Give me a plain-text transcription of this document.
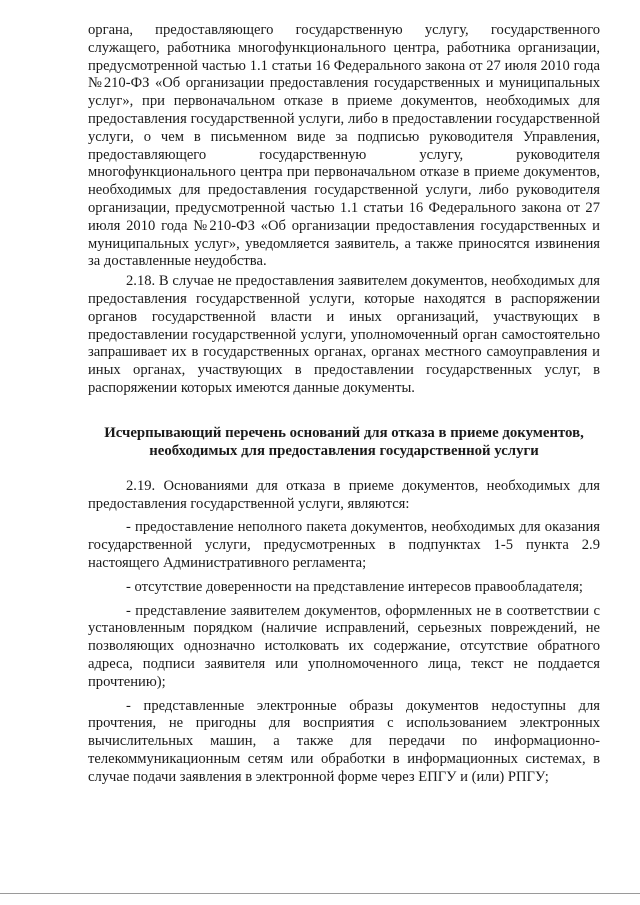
органа, предоставляющего государственную услугу, государственного служащего, работника многофункционального центра, работника организации, предусмотренной частью 1.1 статьи 16 Федерального закона от 27 июля 2010 года №210-ФЗ «Об организации предоставления государственных и муниципальных услуг», при первоначальном отказе в приеме документов, необходимых для предоставления государственной услуги, либо в предоставлении государственной услуги, о чем в письменном виде за подписью руководителя Управления, предоставляющего государственную услугу, руководителя многофункционального центра при первоначальном отказе в приеме документов, необходимых для предоставления государственной услуги, либо руководителя организации, предусмотренной частью 1.1 статьи 16 Федерального закона от 27 июля 2010 года №210-ФЗ «Об организации предоставления государственных и муниципальных услуг», уведомляется заявитель, а также приносятся извинения за доставленные неудобства.

2.18. В случае не предоставления заявителем документов, необходимых для предоставления государственной услуги, которые находятся в распоряжении органов государственной власти и иных организаций, участвующих в предоставлении государственной услуги, уполномоченный орган самостоятельно запрашивает их в государственных органах, органах местного самоуправления и иных органах, участвующих в предоставлении государственных услуг, в распоряжении которых имеются данные документы.

Исчерпывающий перечень оснований для отказа в приеме документов, необходимых для предоставления государственной услуги

2.19. Основаниями для отказа в приеме документов, необходимых для предоставления государственной услуги, являются:

- предоставление неполного пакета документов, необходимых для оказания государственной услуги, предусмотренных в подпунктах 1-5 пункта 2.9 настоящего Административного регламента;

- отсутствие доверенности на представление интересов правообладателя;

- представление заявителем документов, оформленных не в соответствии с установленным порядком (наличие исправлений, серьезных повреждений, не позволяющих однозначно истолковать их содержание, отсутствие обратного адреса, подписи заявителя или уполномоченного лица, текст не поддается прочтению);

- представленные электронные образы документов недоступны для прочтения, не пригодны для восприятия с использованием электронных вычислительных машин, а также для передачи по информационно-телекоммуникационным сетям или обработки в информационных системах, в случае подачи заявления в электронной форме через ЕПГУ и (или) РПГУ;
